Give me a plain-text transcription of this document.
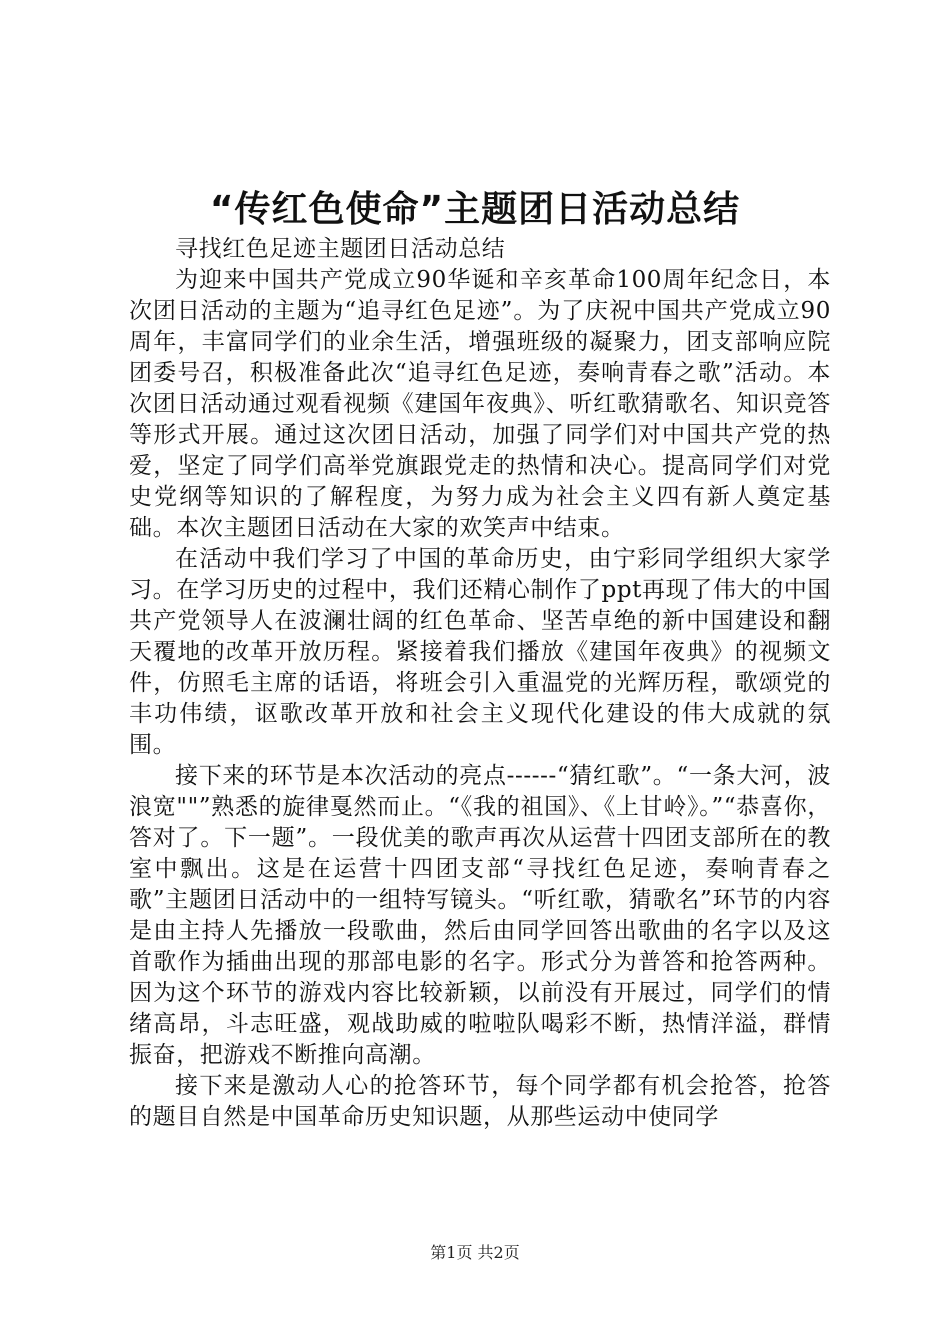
“传红色使命”主题团日活动总结

寻找红色足迹主题团日活动总结

为迎来中国共产党成立90华诞和辛亥革命100周年纪念日，本次团日活动的主题为“追寻红色足迹”。为了庆祝中国共产党成立90周年，丰富同学们的业余生活，增强班级的凝聚力，团支部响应院团委号召，积极准备此次“追寻红色足迹，奏响青春之歌”活动。本次团日活动通过观看视频《建国年夜典》、听红歌猜歌名、知识竞答等形式开展。通过这次团日活动，加强了同学们对中国共产党的热爱，坚定了同学们高举党旗跟党走的热情和决心。提高同学们对党史党纲等知识的了解程度，为努力成为社会主义四有新人奠定基础。本次主题团日活动在大家的欢笑声中结束。

在活动中我们学习了中国的革命历史，由宁彩同学组织大家学习。在学习历史的过程中，我们还精心制作了ppt再现了伟大的中国共产党领导人在波澜壮阔的红色革命、坚苦卓绝的新中国建设和翻天覆地的改革开放历程。紧接着我们播放《建国年夜典》的视频文件，仿照毛主席的话语，将班会引入重温党的光辉历程，歌颂党的丰功伟绩，讴歌改革开放和社会主义现代化建设的伟大成就的氛围。

接下来的环节是本次活动的亮点------“猜红歌”。“一条大河，波浪宽""”熟悉的旋律戛然而止。“《我的祖国》、《上甘岭》。”“恭喜你，答对了。下一题”。一段优美的歌声再次从运营十四团支部所在的教室中飘出。这是在运营十四团支部“寻找红色足迹，奏响青春之歌”主题团日活动中的一组特写镜头。“听红歌，猜歌名”环节的内容是由主持人先播放一段歌曲，然后由同学回答出歌曲的名字以及这首歌作为插曲出现的那部电影的名字。形式分为普答和抢答两种。因为这个环节的游戏内容比较新颖，以前没有开展过，同学们的情绪高昂，斗志旺盛，观战助威的啦啦队喝彩不断，热情洋溢，群情振奋，把游戏不断推向高潮。

接下来是激动人心的抢答环节，每个同学都有机会抢答，抢答的题目自然是中国革命历史知识题，从那些运动中使同学

第1页 共2页
